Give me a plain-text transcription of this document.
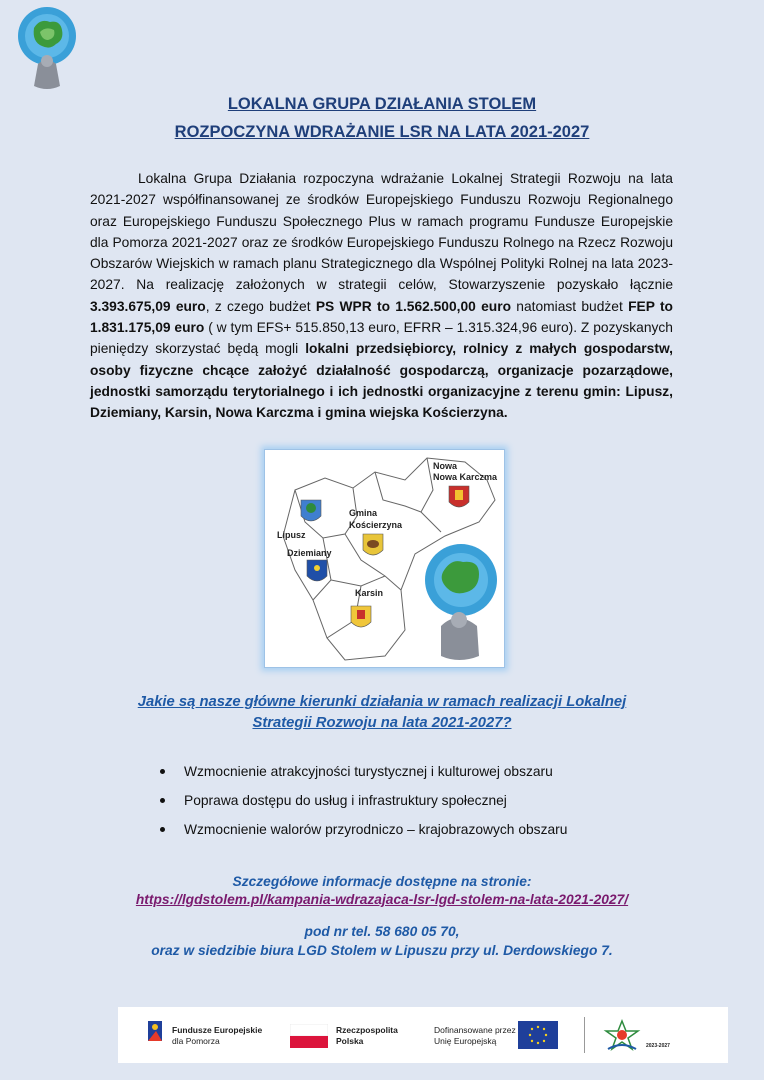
LOKALNA GRUPA DZIAŁANIA STOLEM
ROZPOCZYNA WDRAŻANIE LSR NA LATA 2021-2027

Lokalna Grupa Działania rozpoczyna wdrażanie Lokalnej Strategii Rozwoju na lata 2021-2027 współfinansowanej ze środków Europejskiego Funduszu Rozwoju Regionalnego oraz Europejskiego Funduszu Społecznego Plus w ramach programu Fundusze Europejskie dla Pomorza 2021-2027 oraz ze środków Europejskiego Funduszu Rolnego na Rzecz Rozwoju Obszarów Wiejskich w ramach planu Strategicznego dla Wspólnej Polityki Rolnej na lata 2023-2027. Na realizację założonych w strategii celów, Stowarzyszenie pozyskało łącznie 3.393.675,09 euro, z czego budżet PS WPR to 1.562.500,00 euro natomiast budżet FEP to 1.831.175,09 euro ( w tym EFS+ 515.850,13 euro, EFRR – 1.315.324,96 euro). Z pozyskanych pieniędzy skorzystać będą mogli lokalni przedsiębiorcy, rolnicy z małych gospodarstw, osoby fizyczne chcące założyć działalność gospodarczą, organizacje pozarządowe, jednostki samorządu terytorialnego i ich jednostki organizacyjne z terenu gmin: Lipusz, Dziemiany, Karsin, Nowa Karczma i gmina wiejska Kościerzyna.

Nowa
Nowa Karczma
Gmina
Kościerzyna
Lipusz
Dziemiany
Karsin
Jakie są nasze główne kierunki działania w ramach realizacji Lokalnej
Strategii Rozwoju na lata 2021-2027?
Wzmocnienie atrakcyjności turystycznej i kulturowej obszaru
Poprawa dostępu do usług i infrastruktury społecznej
Wzmocnienie walorów przyrodniczo – krajobrazowych obszaru
Szczegółowe informacje dostępne na stronie:
https://lgdstolem.pl/kampania-wdrazajaca-lsr-lgd-stolem-na-lata-2021-2027/
pod nr tel. 58 680 05 70,
oraz w siedzibie biura LGD Stolem w Lipuszu przy ul. Derdowskiego 7.
Fundusze Europejskie
dla Pomorza
Rzeczpospolita
Polska
Dofinansowane przez
Unię Europejską	2023-2027
